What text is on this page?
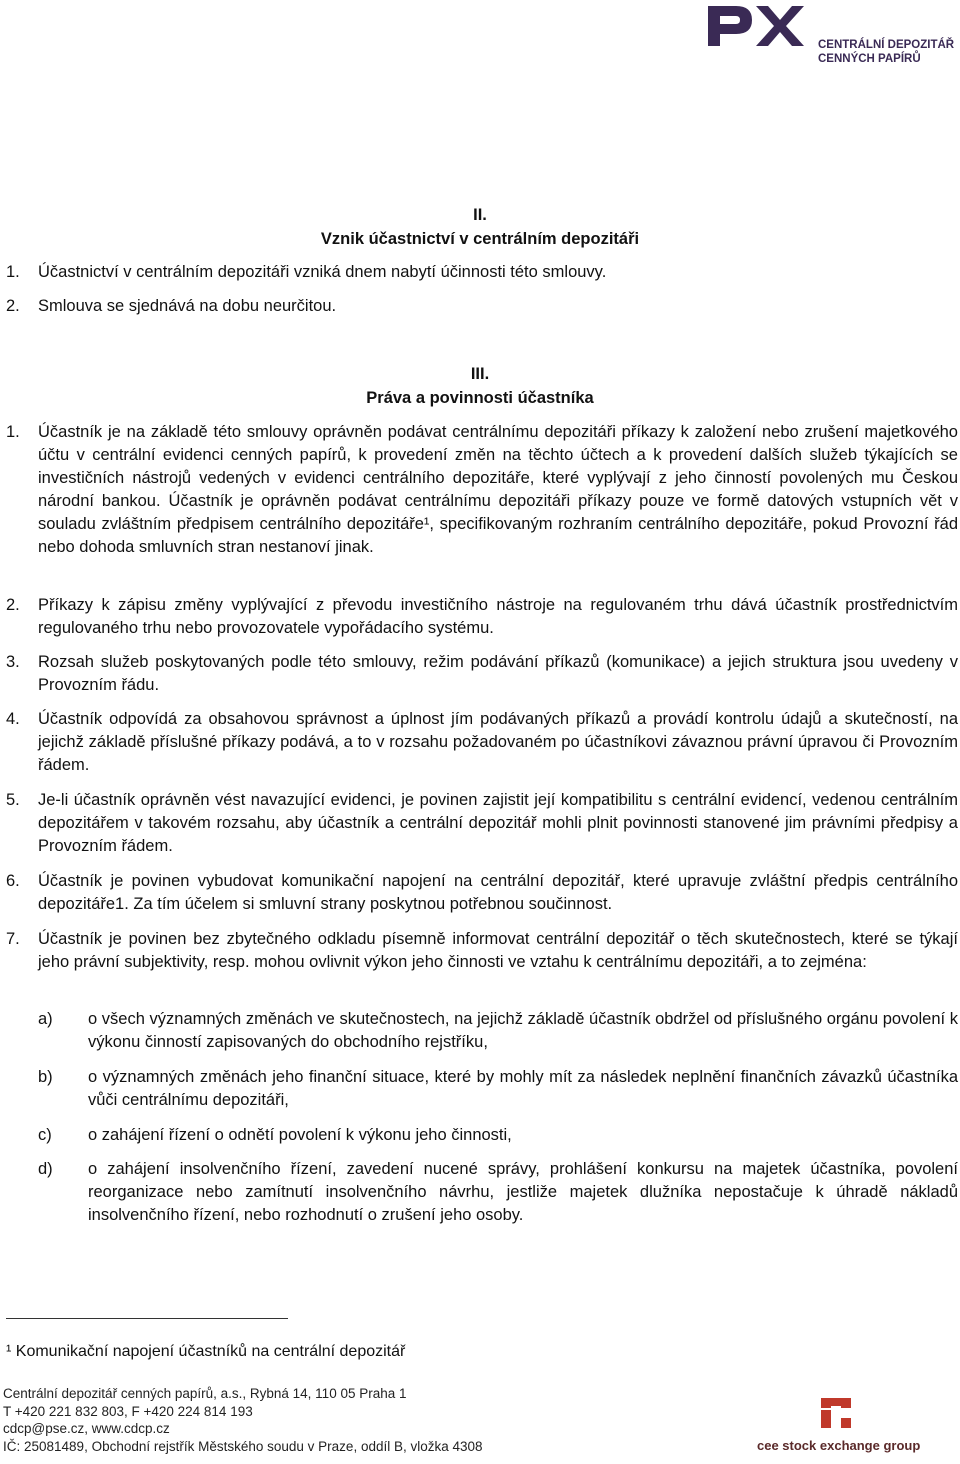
CENTRÁLNÍ DEPOZITÁŘ
CENNÝCH PAPÍRŮ
II.
Vznik účastnictví v centrálním depozitáři
1. Účastnictví v centrálním depozitáři vzniká dnem nabytí účinnosti této smlouvy.
2. Smlouva se sjednává na dobu neurčitou.
III.
Práva a povinnosti účastníka
1. Účastník je na základě této smlouvy oprávněn podávat centrálnímu depozitáři příkazy k založení nebo zrušení majetkového účtu v centrální evidenci cenných papírů, k provedení změn na těchto účtech a k provedení dalších služeb týkajících se investičních nástrojů vedených v evidenci centrálního depozitáře, které vyplývají z jeho činností povolených mu Českou národní bankou. Účastník je oprávněn podávat centrálnímu depozitáři příkazy pouze ve formě datových vstupních vět v souladu zvláštním předpisem centrálního depozitáře¹, specifikovaným rozhraním centrálního depozitáře, pokud Provozní řád nebo dohoda smluvních stran nestanoví jinak.
2. Příkazy k zápisu změny vyplývající z převodu investičního nástroje na regulovaném trhu dává účastník prostřednictvím regulovaného trhu nebo provozovatele vypořádacího systému.
3. Rozsah služeb poskytovaných podle této smlouvy, režim podávání příkazů (komunikace) a jejich struktura jsou uvedeny v Provozním řádu.
4. Účastník odpovídá za obsahovou správnost a úplnost jím podávaných příkazů a provádí kontrolu údajů a skutečností, na jejichž základě příslušné příkazy podává, a to v rozsahu požadovaném po účastníkovi závaznou právní úpravou či Provozním řádem.
5. Je-li účastník oprávněn vést navazující evidenci, je povinen zajistit její kompatibilitu s centrální evidencí, vedenou centrálním depozitářem v takovém rozsahu, aby účastník a centrální depozitář mohli plnit povinnosti stanovené jim právními předpisy a Provozním řádem.
6. Účastník je povinen vybudovat komunikační napojení na centrální depozitář, které upravuje zvláštní předpis centrálního depozitáře1. Za tím účelem si smluvní strany poskytnou potřebnou součinnost.
7. Účastník je povinen bez zbytečného odkladu písemně informovat centrální depozitář o těch skutečnostech, které se týkají jeho právní subjektivity, resp. mohou ovlivnit výkon jeho činnosti ve vztahu k centrálnímu depozitáři, a to zejména:
a) o všech významných změnách ve skutečnostech, na jejichž základě účastník obdržel od příslušného orgánu povolení k výkonu činností zapisovaných do obchodního rejstříku,
b) o významných změnách jeho finanční situace, které by mohly mít za následek neplnění finančních závazků účastníka vůči centrálnímu depozitáři,
c) o zahájení řízení o odnětí povolení k výkonu jeho činnosti,
d) o zahájení insolvenčního řízení, zavedení nucené správy, prohlášení konkursu na majetek účastníka, povolení reorganizace nebo zamítnutí insolvenčního návrhu, jestliže majetek dlužníka nepostačuje k úhradě nákladů insolvenčního řízení, nebo rozhodnutí o zrušení jeho osoby.
¹ Komunikační napojení účastníků na centrální depozitář
Centrální depozitář cenných papírů, a.s., Rybná 14, 110 05 Praha 1
T +420 221 832 803, F +420 224 814 193
cdcp@pse.cz, www.cdcp.cz
IČ: 25081489, Obchodní rejstřík Městského soudu v Praze, oddíl B, vložka 4308	cee stock exchange group
